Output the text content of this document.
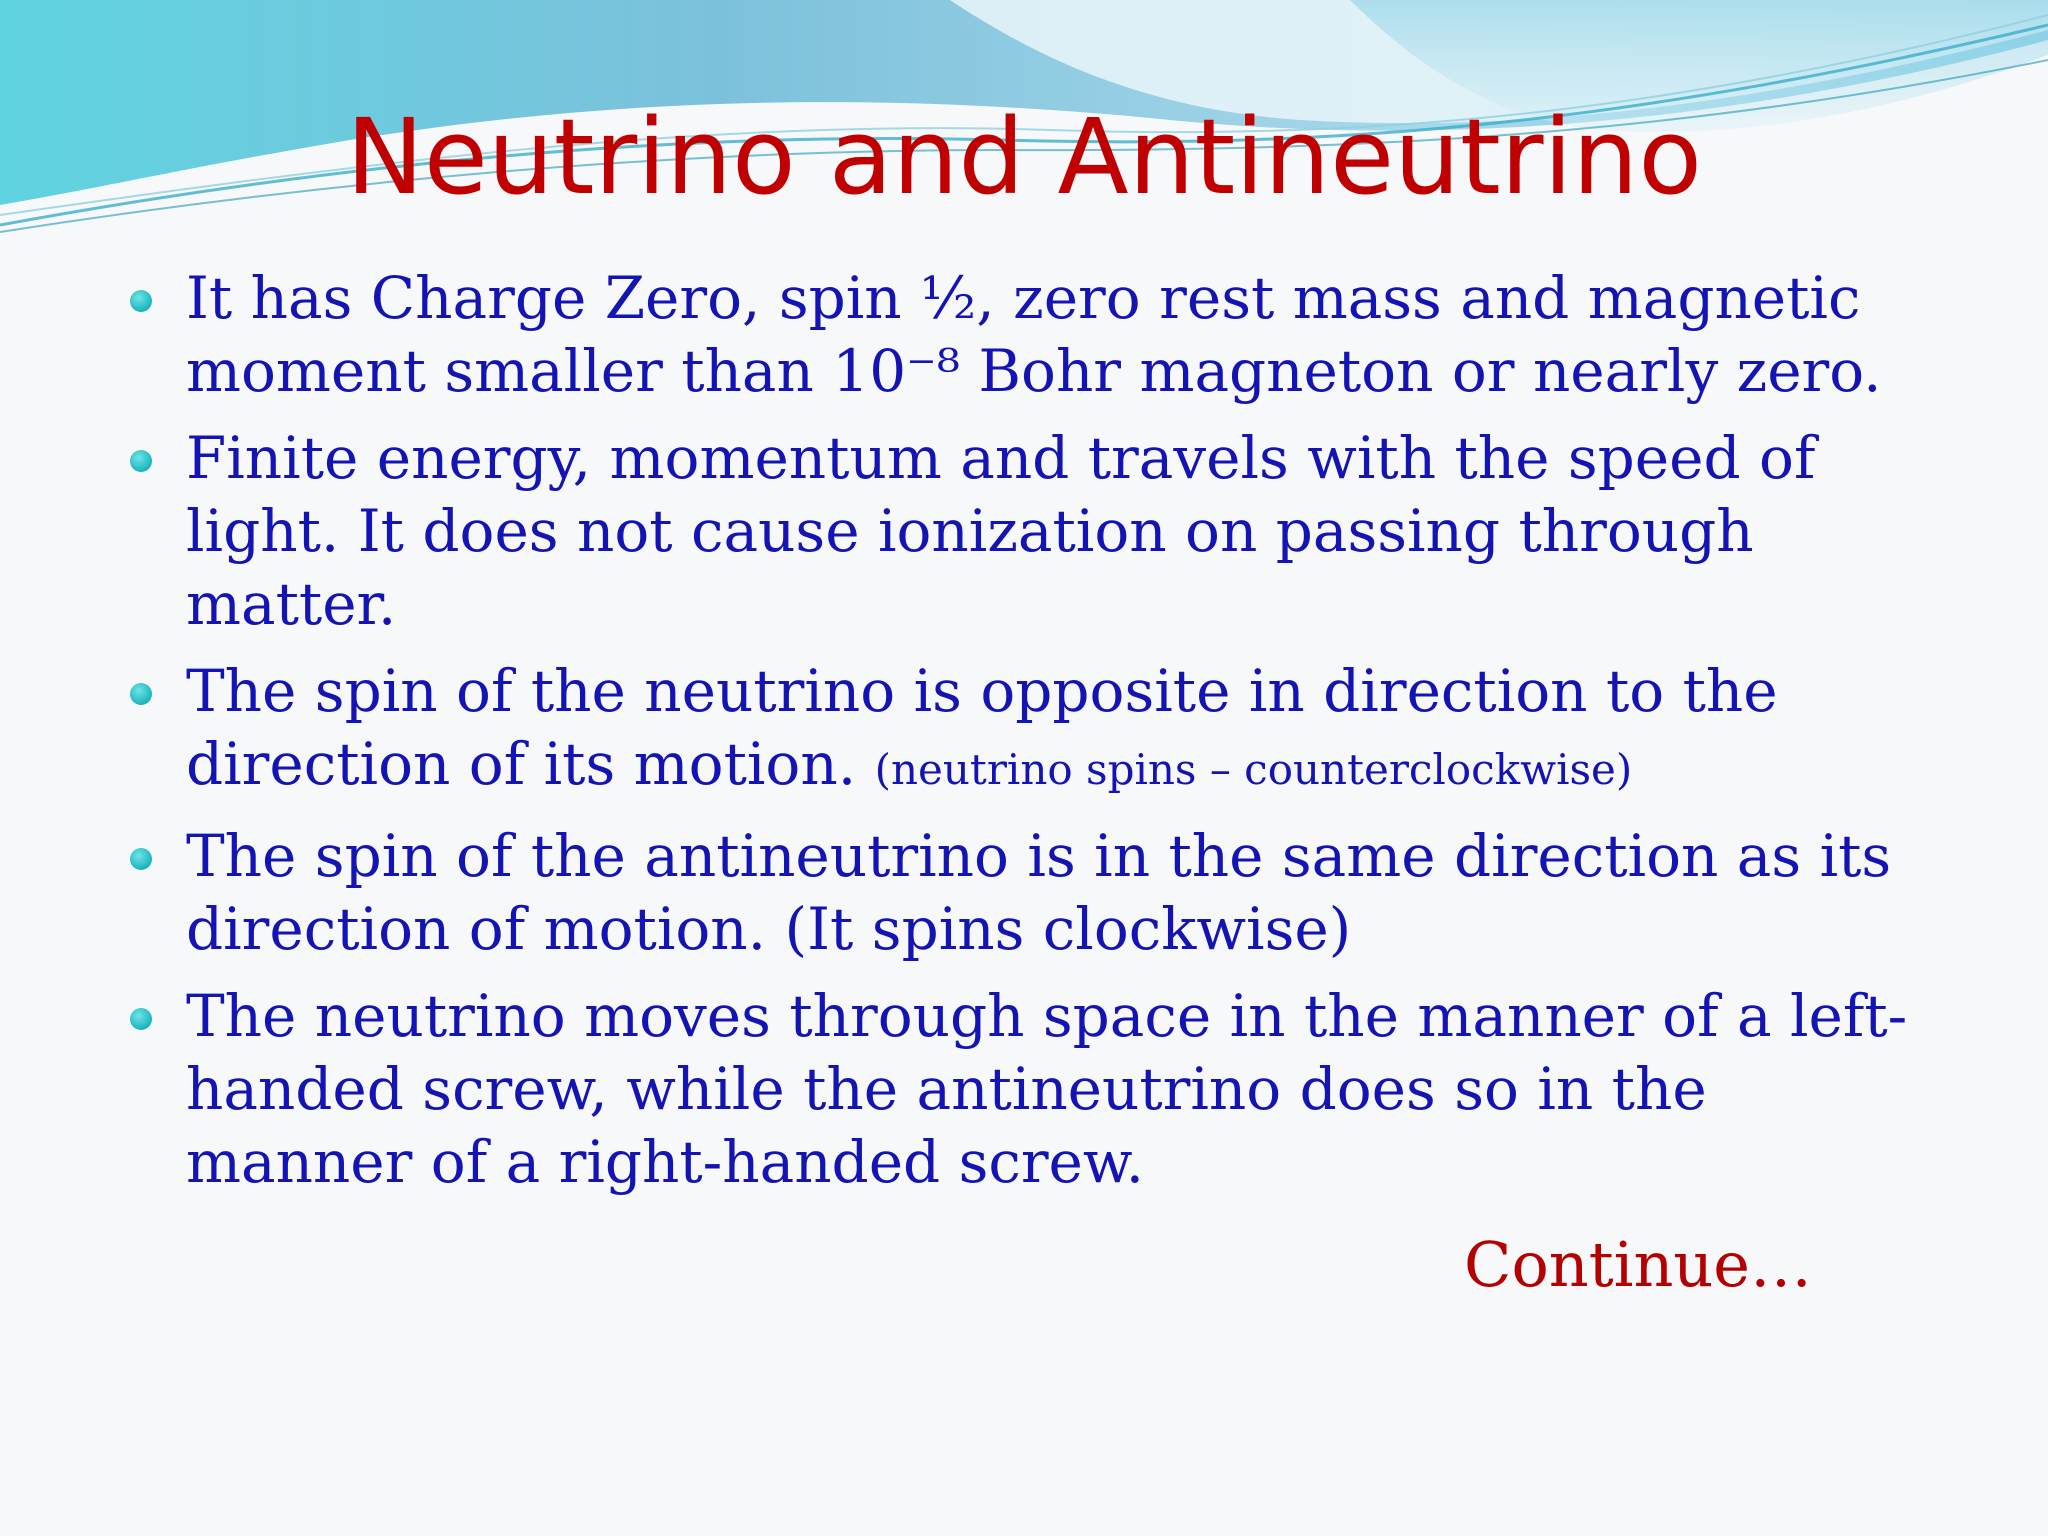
Neutrino and Antineutrino
It has Charge Zero, spin ½, zero rest mass and magnetic moment smaller than 10⁻⁸ Bohr magneton or nearly zero.
Finite energy, momentum and travels with the speed of light. It does not cause ionization on passing through matter.
The spin of the neutrino is opposite in direction to the direction of its motion. (neutrino spins – counterclockwise)
The spin of the antineutrino is in the same direction as its direction of motion. (It spins clockwise)
The neutrino moves through space in the manner of a left-handed screw, while the antineutrino does so in the manner of a right-handed screw.
Continue…
